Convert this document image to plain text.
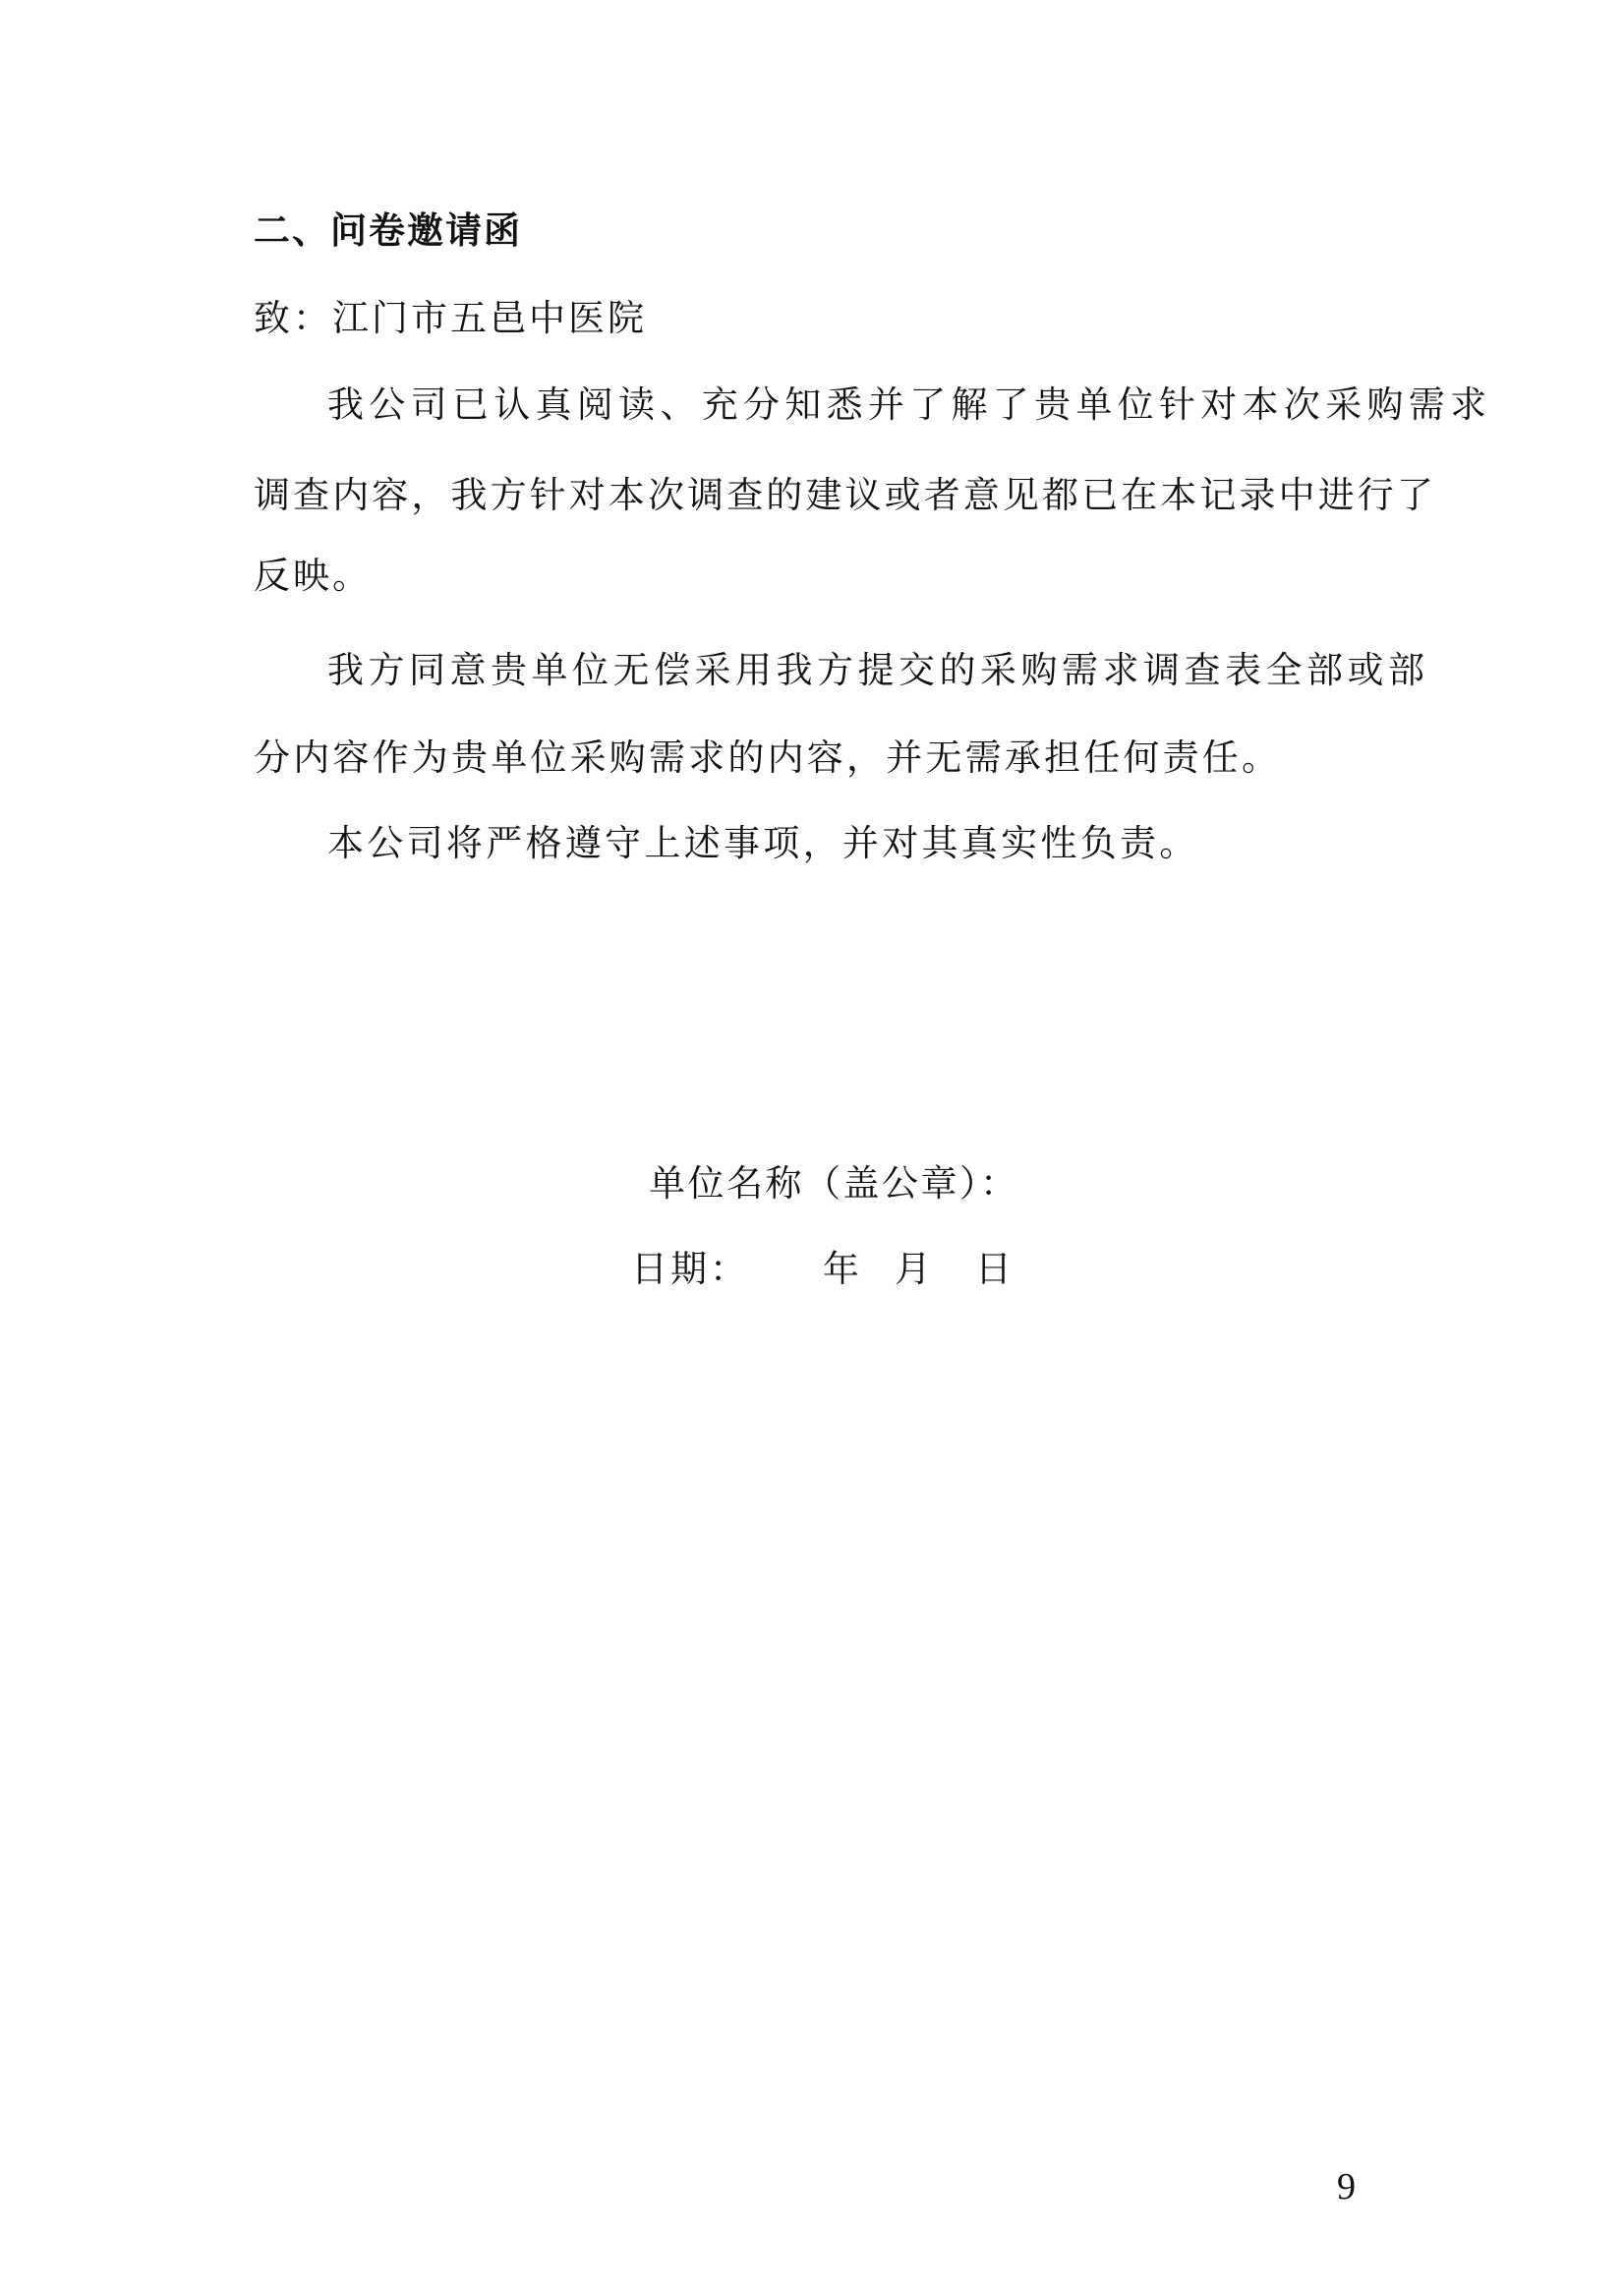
二、问卷邀请函
致：江门市五邑中医院
我公司已认真阅读、充分知悉并了解了贵单位针对本次采购需求
调查内容，我方针对本次调查的建议或者意见都已在本记录中进行了
反映。
我方同意贵单位无偿采用我方提交的采购需求调查表全部或部
分内容作为贵单位采购需求的内容，并无需承担任何责任。
本公司将严格遵守上述事项，并对其真实性负责。
单位名称（盖公章）：
日期： 年 月 日
9
